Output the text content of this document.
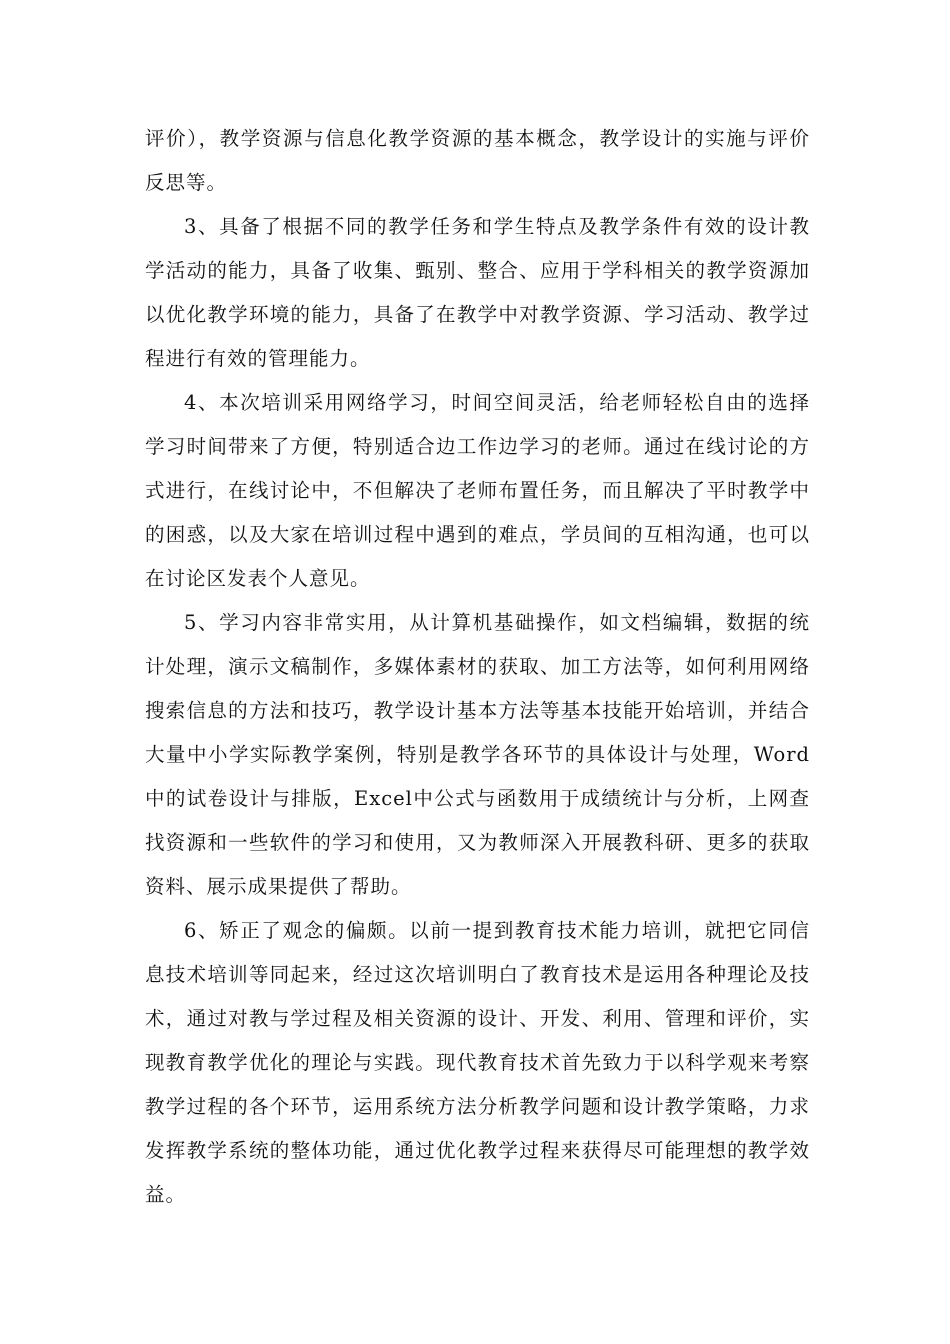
评价），教学资源与信息化教学资源的基本概念，教学设计的实施与评价反思等。

3、具备了根据不同的教学任务和学生特点及教学条件有效的设计教学活动的能力，具备了收集、甄别、整合、应用于学科相关的教学资源加以优化教学环境的能力，具备了在教学中对教学资源、学习活动、教学过程进行有效的管理能力。

4、本次培训采用网络学习，时间空间灵活，给老师轻松自由的选择学习时间带来了方便，特别适合边工作边学习的老师。通过在线讨论的方式进行，在线讨论中，不但解决了老师布置任务，而且解决了平时教学中的困惑，以及大家在培训过程中遇到的难点，学员间的互相沟通，也可以在讨论区发表个人意见。

5、学习内容非常实用，从计算机基础操作，如文档编辑，数据的统计处理，演示文稿制作，多媒体素材的获取、加工方法等，如何利用网络搜索信息的方法和技巧，教学设计基本方法等基本技能开始培训，并结合大量中小学实际教学案例，特别是教学各环节的具体设计与处理，Word中的试卷设计与排版，Excel中公式与函数用于成绩统计与分析，上网查找资源和一些软件的学习和使用，又为教师深入开展教科研、更多的获取资料、展示成果提供了帮助。

6、矫正了观念的偏颇。以前一提到教育技术能力培训，就把它同信息技术培训等同起来，经过这次培训明白了教育技术是运用各种理论及技术，通过对教与学过程及相关资源的设计、开发、利用、管理和评价，实现教育教学优化的理论与实践。现代教育技术首先致力于以科学观来考察教学过程的各个环节，运用系统方法分析教学问题和设计教学策略，力求发挥教学系统的整体功能，通过优化教学过程来获得尽可能理想的教学效益。
